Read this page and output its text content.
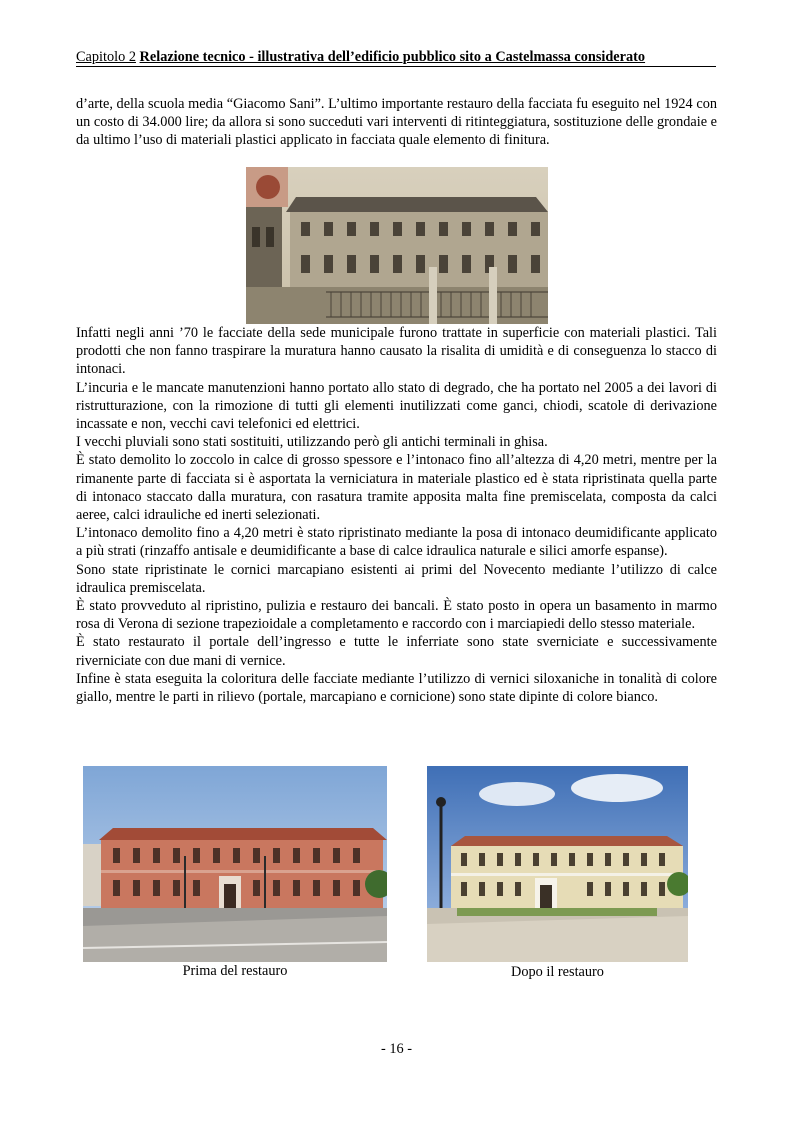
Capitolo 2 Relazione tecnico - illustrativa dell’edificio pubblico sito a Castelmassa considerato

d’arte, della scuola media “Giacomo Sani”. L’ultimo importante restauro della facciata fu eseguito nel 1924 con un costo di 34.000 lire; da allora si sono succeduti vari interventi di ritinteggiatura, sostituzione delle grondaie e da ultimo l’uso di materiali plastici applicato in facciata quale elemento di finitura.

Infatti negli anni ’70 le facciate della sede municipale furono trattate in superficie con materiali plastici. Tali prodotti che non fanno traspirare la muratura hanno causato la risalita di umidità e di conseguenza lo stacco di intonaci.
L’incuria e le mancate manutenzioni hanno portato allo stato di degrado, che ha portato nel 2005 a dei lavori di ristrutturazione, con la rimozione di tutti gli elementi inutilizzati come ganci, chiodi, scatole di derivazione incassate e non, vecchi cavi telefonici ed elettrici.
I vecchi pluviali sono stati sostituiti, utilizzando però gli antichi terminali in ghisa.
È stato demolito lo zoccolo in calce di grosso spessore e l’intonaco fino all’altezza di 4,20 metri, mentre per la rimanente parte di facciata si è asportata la verniciatura in materiale plastico ed è stata ripristinata quella parte di intonaco staccato dalla muratura, con rasatura tramite apposita malta fine premiscelata, composta da calci aeree, calci idrauliche ed inerti selezionati.
L’intonaco demolito fino a 4,20 metri è stato ripristinato mediante la posa di intonaco deumidificante applicato a più strati (rinzaffo antisale e deumidificante a base di calce idraulica naturale e silici amorfe espanse).
Sono state ripristinate le cornici marcapiano esistenti ai primi del Novecento mediante l’utilizzo di calce idraulica premiscelata.
È stato provveduto al ripristino, pulizia e restauro dei bancali. È stato posto in opera un basamento in marmo rosa di Verona di sezione trapezioidale a completamento e raccordo con i marciapiedi dello stesso materiale.
È stato restaurato il portale dell’ingresso e tutte le inferriate sono state sverniciate e successivamente riverniciate con due mani di vernice.
Infine è stata eseguita la coloritura delle facciate mediante l’utilizzo di vernici siloxaniche in tonalità di colore giallo, mentre le parti in rilievo (portale, marcapiano e cornicione) sono state dipinte di colore bianco.
Prima del restauro	Dopo il restauro
- 16 -
